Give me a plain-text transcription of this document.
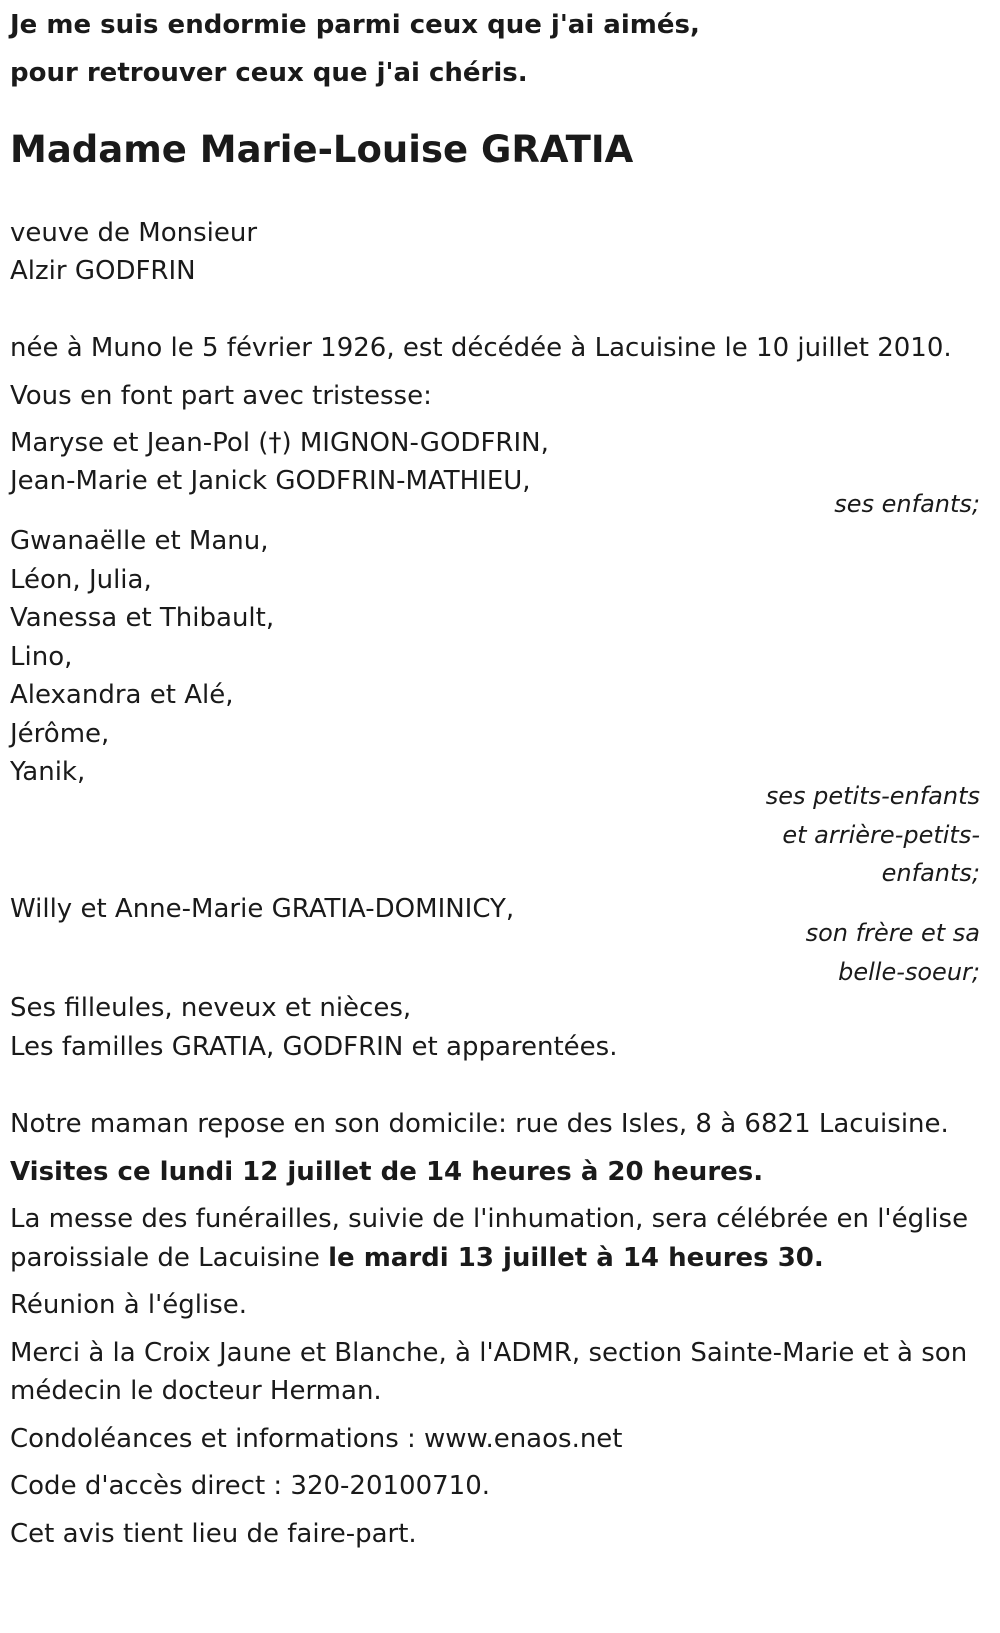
Je me suis endormie parmi ceux que j'ai aimés,
pour retrouver ceux que j'ai chéris.
Madame Marie-Louise GRATIA
veuve de Monsieur
Alzir GODFRIN
née à Muno le 5 février 1926, est décédée à Lacuisine le 10 juillet 2010.
Vous en font part avec tristesse:
Maryse et Jean-Pol (†) MIGNON-GODFRIN,
Jean-Marie et Janick GODFRIN-MATHIEU,
ses enfants;
Gwanaëlle et Manu,
Léon, Julia,
Vanessa et Thibault,
Lino,
Alexandra et Alé,
Jérôme,
Yanik,
ses petits-enfants
et arrière-petits-
enfants;
Willy et Anne-Marie GRATIA-DOMINICY,
son frère et sa
belle-soeur;
Ses filleules, neveux et nièces,
Les familles GRATIA, GODFRIN et apparentées.
Notre maman repose en son domicile: rue des Isles, 8 à 6821 Lacuisine.
Visites ce lundi 12 juillet de 14 heures à 20 heures.
La messe des funérailles, suivie de l'inhumation, sera célébrée en l'église
paroissiale de Lacuisine le mardi 13 juillet à 14 heures 30.
Réunion à l'église.
Merci à la Croix Jaune et Blanche, à l'ADMR, section Sainte-Marie et à son
médecin le docteur Herman.
Condoléances et informations : www.enaos.net
Code d'accès direct : 320-20100710.
Cet avis tient lieu de faire-part.
